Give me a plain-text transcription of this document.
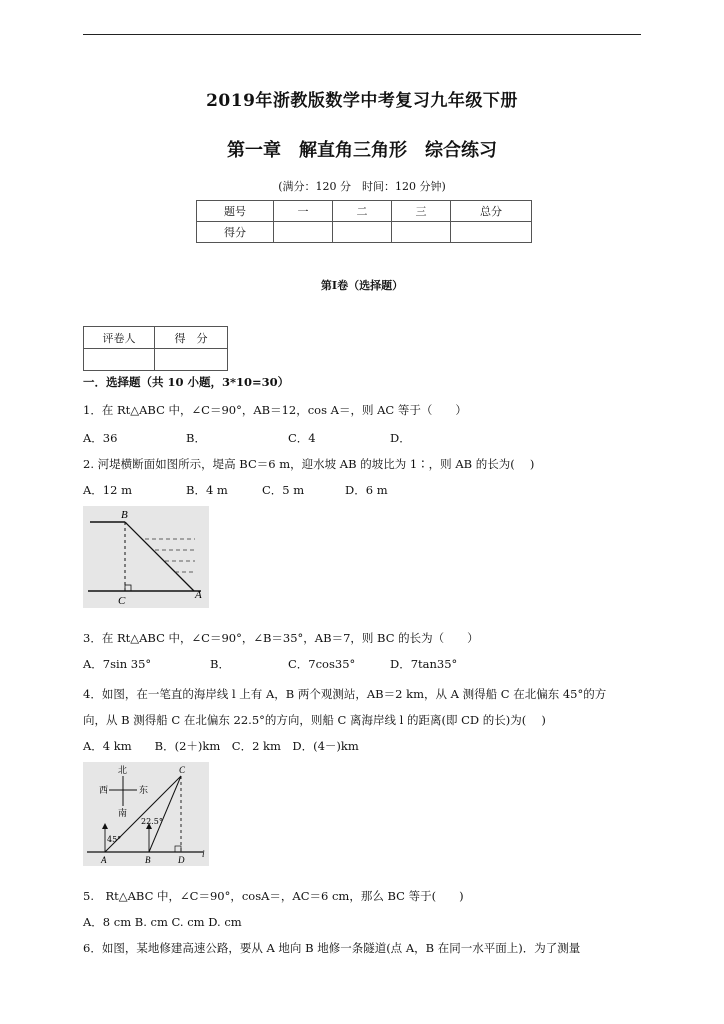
2019年浙教版数学中考复习九年级下册
第一章　解直角三角形　综合练习
(满分：120 分　时间：120 分钟)
题号	一	二	三	总分
得分				
第Ⅰ卷（选择题）
评卷人	得　分

一．选择题（共 10 小题，3*10=30）
1．在 Rt△ABC 中，∠C＝90°，AB＝12，cos A＝，则 AC 等于（　　）
A．36	B．	C．4	D．
2. 河堤横断面如图所示，堤高 BC＝6 m，迎水坡 AB 的坡比为 1∶，则 AB 的长为(　 )
A．12 m	B．4 m	C．5 m	D．6 m
B
C	A
3．在 Rt△ABC 中，∠C＝90°，∠B＝35°，AB＝7，则 BC 的长为（　　）
A．7sin 35°	B．	C．7cos35°	D．7tan35°
4．如图，在一笔直的海岸线 l 上有 A，B 两个观测站，AB＝2 km，从 A 测得船 C 在北偏东 45°的方
向，从 B 测得船 C 在北偏东 22.5°的方向，则船 C 离海岸线 l 的距离(即 CD 的长)为(　 )
A．4 km　　B．(2＋)km　C．2 km　D．(4－)km
北
西	东
南
45°
22.5°
A	B
C
D
l
5.　Rt△ABC 中，∠C＝90°，cosA＝，AC＝6 cm，那么 BC 等于(　　)
A．8 cm B. cm C. cm D. cm
6．如图，某地修建高速公路，要从 A 地向 B 地修一条隧道(点 A，B 在同一水平面上)．为了测量
